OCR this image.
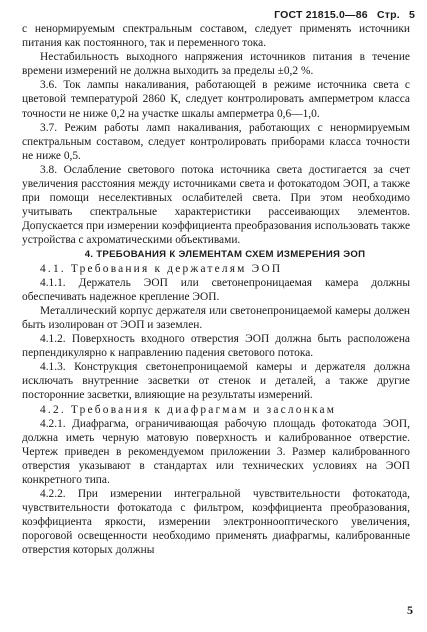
ГОСТ 21815.0—86 Стр. 5

с ненормируемым спектральным составом, следует применять источники питания как постоянного, так и переменного тока.

Нестабильность выходного напряжения источников питания в течение времени измерений не должна выходить за пределы ±0,2 %.

3.6. Ток лампы накаливания, работающей в режиме источника света с цветовой температурой 2860 К, следует контролировать амперметром класса точности не ниже 0,2 на участке шкалы амперметра 0,6—1,0.

3.7. Режим работы ламп накаливания, работающих с ненормируемым спектральным составом, следует контролировать приборами класса точности не ниже 0,5.

3.8. Ослабление светового потока источника света достигается за счет увеличения расстояния между источниками света и фотокатодом ЭОП, а также при помощи неселективных ослабителей света. При этом необходимо учитывать спектральные характеристики рассеивающих элементов. Допускается при измерении коэффициента преобразования использовать также устройства с ахроматическими объективами.

4. ТРЕБОВАНИЯ К ЭЛЕМЕНТАМ СХЕМ ИЗМЕРЕНИЯ ЭОП

4.1. Требования к держателям ЭОП

4.1.1. Держатель ЭОП или светонепроницаемая камера должны обеспечивать надежное крепление ЭОП.

Металлический корпус держателя или светонепроницаемой камеры должен быть изолирован от ЭОП и заземлен.

4.1.2. Поверхность входного отверстия ЭОП должна быть расположена перпендикулярно к направлению падения светового потока.

4.1.3. Конструкция светонепроницаемой камеры и держателя должна исключать внутренние засветки от стенок и деталей, а также другие посторонние засветки, влияющие на результаты измерений.

4.2. Требования к диафрагмам и заслонкам

4.2.1. Диафрагма, ограничивающая рабочую площадь фотокатода ЭОП, должна иметь черную матовую поверхность и калиброванное отверстие. Чертеж приведен в рекомендуемом приложении 3. Размер калиброванного отверстия указывают в стандартах или технических условиях на ЭОП конкретного типа.

4.2.2. При измерении интегральной чувствительности фотокатода, чувствительности фотокатода с фильтром, коэффициента преобразования, коэффициента яркости, измерении электроннооптического увеличения, пороговой освещенности необходимо применять диафрагмы, калиброванные отверстия которых должны

5
